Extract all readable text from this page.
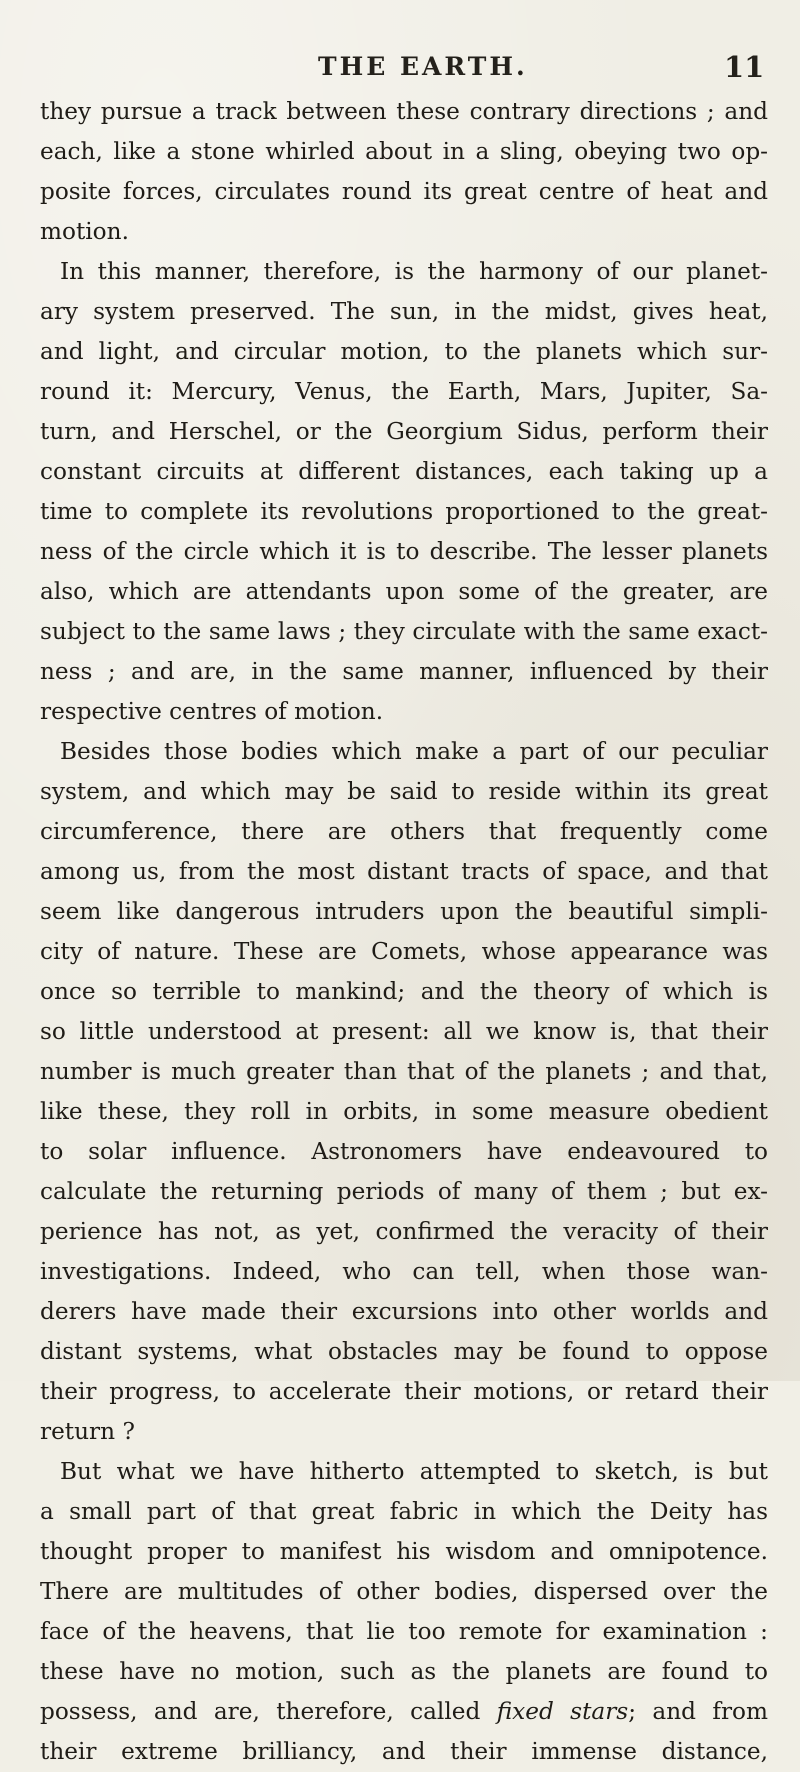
THE EARTH.	11
they pursue a track between these contrary directions ; and
each, like a stone whirled about in a sling, obeying two op-
posite forces, circulates round its great centre of heat and
motion.
In this manner, therefore, is the harmony of our planet-
ary system preserved. The sun, in the midst, gives heat,
and light, and circular motion, to the planets which sur-
round it: Mercury, Venus, the Earth, Mars, Jupiter, Sa-
turn, and Herschel, or the Georgium Sidus, perform their
constant circuits at different distances, each taking up a
time to complete its revolutions proportioned to the great-
ness of the circle which it is to describe. The lesser planets
also, which are attendants upon some of the greater, are
subject to the same laws ; they circulate with the same exact-
ness ; and are, in the same manner, influenced by their
respective centres of motion.
Besides those bodies which make a part of our peculiar
system, and which may be said to reside within its great
circumference, there are others that frequently come
among us, from the most distant tracts of space, and that
seem like dangerous intruders upon the beautiful simpli-
city of nature. These are Comets, whose appearance was
once so terrible to mankind; and the theory of which is
so little understood at present: all we know is, that their
number is much greater than that of the planets ; and that,
like these, they roll in orbits, in some measure obedient
to solar influence. Astronomers have endeavoured to
calculate the returning periods of many of them ; but ex-
perience has not, as yet, confirmed the veracity of their
investigations. Indeed, who can tell, when those wan-
derers have made their excursions into other worlds and
distant systems, what obstacles may be found to oppose
their progress, to accelerate their motions, or retard their
return ?
But what we have hitherto attempted to sketch, is but
a small part of that great fabric in which the Deity has
thought proper to manifest his wisdom and omnipotence.
There are multitudes of other bodies, dispersed over the
face of the heavens, that lie too remote for examination :
these have no motion, such as the planets are found to
possess, and are, therefore, called fixed stars; and from
their extreme brilliancy, and their immense distance,
